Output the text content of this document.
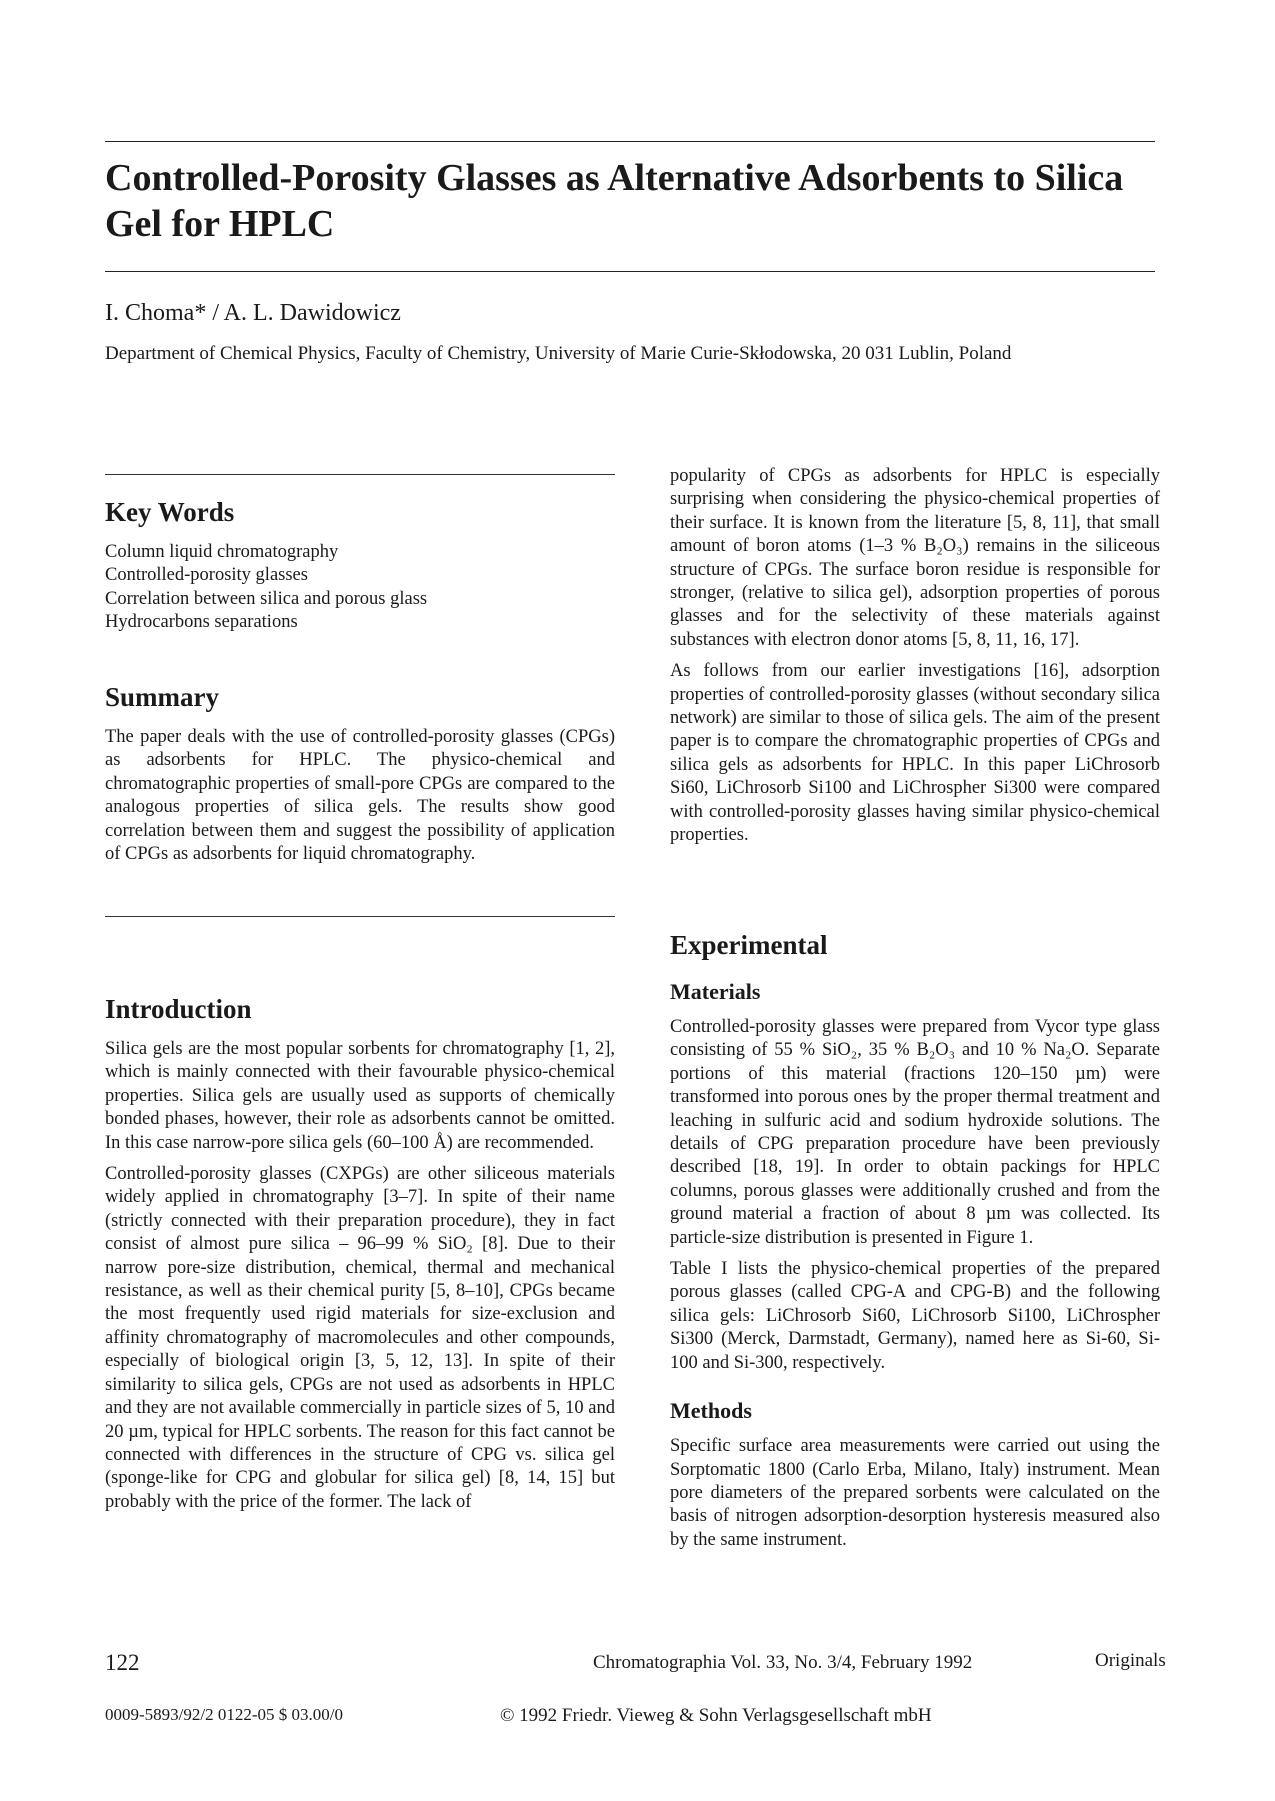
Controlled-Porosity Glasses as Alternative Adsorbents to Silica Gel for HPLC
I. Choma* / A. L. Dawidowicz
Department of Chemical Physics, Faculty of Chemistry, University of Marie Curie-Skłodowska, 20 031 Lublin, Poland
Key Words
Column liquid chromatography
Controlled-porosity glasses
Correlation between silica and porous glass
Hydrocarbons separations
Summary

The paper deals with the use of controlled-porosity glasses (CPGs) as adsorbents for HPLC. The physico-chemical and chromatographic properties of small-pore CPGs are compared to the analogous properties of silica gels. The results show good correlation between them and suggest the possibility of application of CPGs as adsorbents for liquid chromatography.

Introduction

Silica gels are the most popular sorbents for chromatography [1, 2], which is mainly connected with their favourable physico-chemical properties. Silica gels are usually used as supports of chemically bonded phases, however, their role as adsorbents cannot be omitted. In this case narrow-pore silica gels (60–100 Å) are recommended.

Controlled-porosity glasses (CXPGs) are other siliceous materials widely applied in chromatography [3–7]. In spite of their name (strictly connected with their preparation procedure), they in fact consist of almost pure silica – 96–99 % SiO₂ [8]. Due to their narrow pore-size distribution, chemical, thermal and mechanical resistance, as well as their chemical purity [5, 8–10], CPGs became the most frequently used rigid materials for size-exclusion and affinity chromatography of macromolecules and other compounds, especially of biological origin [3, 5, 12, 13]. In spite of their similarity to silica gels, CPGs are not used as adsorbents in HPLC and they are not available commercially in particle sizes of 5, 10 and 20 µm, typical for HPLC sorbents. The reason for this fact cannot be connected with differences in the structure of CPG vs. silica gel (sponge-like for CPG and globular for silica gel) [8, 14, 15] but probably with the price of the former. The lack of

popularity of CPGs as adsorbents for HPLC is especially surprising when considering the physico-chemical properties of their surface. It is known from the literature [5, 8, 11], that small amount of boron atoms (1–3 % B₂O₃) remains in the siliceous structure of CPGs. The surface boron residue is responsible for stronger, (relative to silica gel), adsorption properties of porous glasses and for the selectivity of these materials against substances with electron donor atoms [5, 8, 11, 16, 17].

As follows from our earlier investigations [16], adsorption properties of controlled-porosity glasses (without secondary silica network) are similar to those of silica gels. The aim of the present paper is to compare the chromatographic properties of CPGs and silica gels as adsorbents for HPLC. In this paper LiChrosorb Si60, LiChrosorb Si100 and LiChrospher Si300 were compared with controlled-porosity glasses having similar physico-chemical properties.

Experimental
Materials

Controlled-porosity glasses were prepared from Vycor type glass consisting of 55 % SiO₂, 35 % B₂O₃ and 10 % Na₂O. Separate portions of this material (fractions 120–150 µm) were transformed into porous ones by the proper thermal treatment and leaching in sulfuric acid and sodium hydroxide solutions. The details of CPG preparation procedure have been previously described [18, 19]. In order to obtain packings for HPLC columns, porous glasses were additionally crushed and from the ground material a fraction of about 8 µm was collected. Its particle-size distribution is presented in Figure 1.

Table I lists the physico-chemical properties of the prepared porous glasses (called CPG-A and CPG-B) and the following silica gels: LiChrosorb Si60, LiChrosorb Si100, LiChrospher Si300 (Merck, Darmstadt, Germany), named here as Si-60, Si-100 and Si-300, respectively.

Methods

Specific surface area measurements were carried out using the Sorptomatic 1800 (Carlo Erba, Milano, Italy) instrument. Mean pore diameters of the prepared sorbents were calculated on the basis of nitrogen adsorption-desorption hysteresis measured also by the same instrument.

122	Chromatographia Vol. 33, No. 3/4, February 1992	Originals
0009-5893/92/2 0122-05 $ 03.00/0	© 1992 Friedr. Vieweg & Sohn Verlagsgesellschaft mbH
